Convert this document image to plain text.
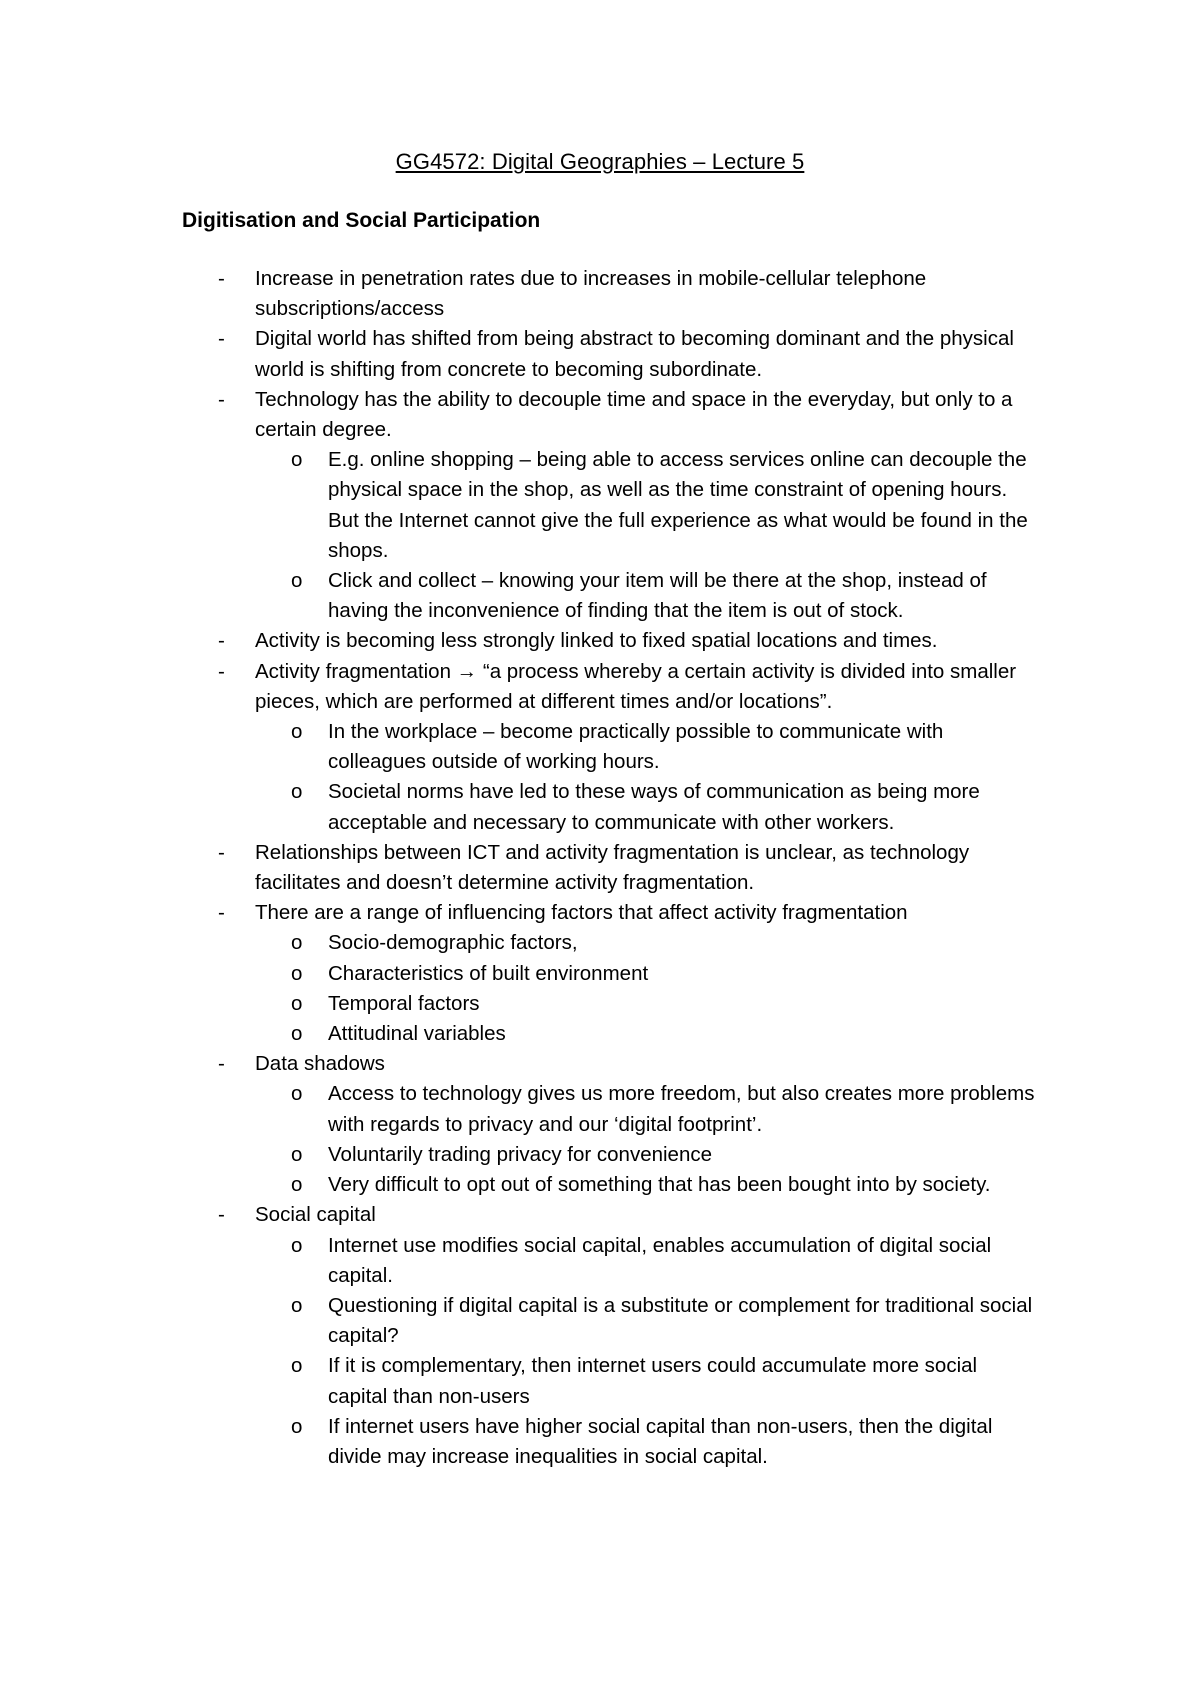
GG4572: Digital Geographies – Lecture 5
Digitisation and Social Participation
- Increase in penetration rates due to increases in mobile-cellular telephone subscriptions/access
- Digital world has shifted from being abstract to becoming dominant and the physical world is shifting from concrete to becoming subordinate.
- Technology has the ability to decouple time and space in the everyday, but only to a certain degree.
o E.g. online shopping – being able to access services online can decouple the physical space in the shop, as well as the time constraint of opening hours. But the Internet cannot give the full experience as what would be found in the shops.
o Click and collect – knowing your item will be there at the shop, instead of having the inconvenience of finding that the item is out of stock.
- Activity is becoming less strongly linked to fixed spatial locations and times.
- Activity fragmentation → “a process whereby a certain activity is divided into smaller pieces, which are performed at different times and/or locations”.
o In the workplace – become practically possible to communicate with colleagues outside of working hours.
o Societal norms have led to these ways of communication as being more acceptable and necessary to communicate with other workers.
- Relationships between ICT and activity fragmentation is unclear, as technology facilitates and doesn’t determine activity fragmentation.
- There are a range of influencing factors that affect activity fragmentation
o Socio-demographic factors,
o Characteristics of built environment
o Temporal factors
o Attitudinal variables
- Data shadows
o Access to technology gives us more freedom, but also creates more problems with regards to privacy and our ‘digital footprint’.
o Voluntarily trading privacy for convenience
o Very difficult to opt out of something that has been bought into by society.
- Social capital
o Internet use modifies social capital, enables accumulation of digital social capital.
o Questioning if digital capital is a substitute or complement for traditional social capital?
o If it is complementary, then internet users could accumulate more social capital than non-users
o If internet users have higher social capital than non-users, then the digital divide may increase inequalities in social capital.
